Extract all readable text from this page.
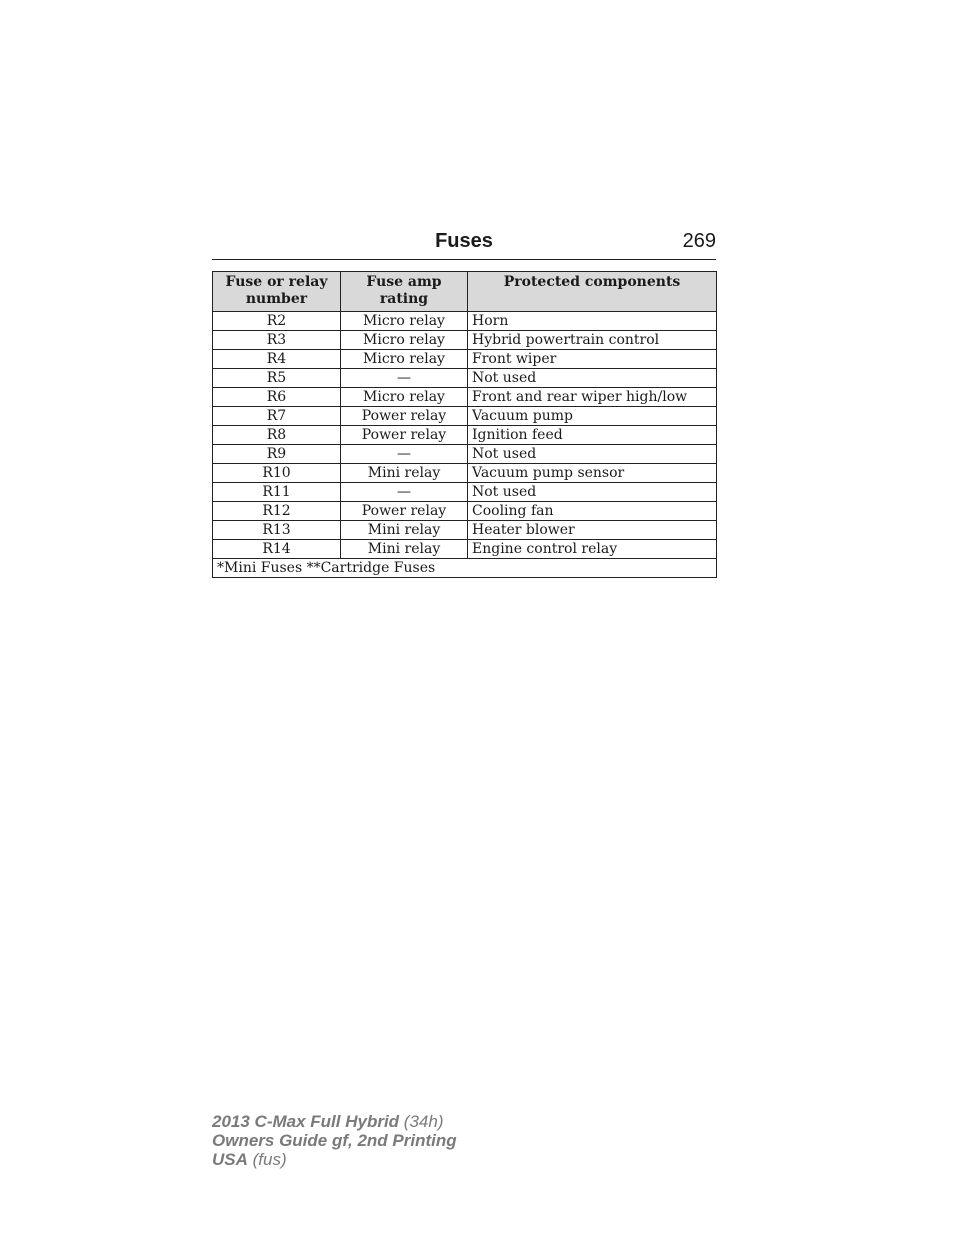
Fuses	269
Fuse or relay number	Fuse amp rating	Protected components
R2	Micro relay	Horn
R3	Micro relay	Hybrid powertrain control
R4	Micro relay	Front wiper
R5	—	Not used
R6	Micro relay	Front and rear wiper high/low
R7	Power relay	Vacuum pump
R8	Power relay	Ignition feed
R9	—	Not used
R10	Mini relay	Vacuum pump sensor
R11	—	Not used
R12	Power relay	Cooling fan
R13	Mini relay	Heater blower
R14	Mini relay	Engine control relay
*Mini Fuses **Cartridge Fuses		
2013 C-Max Full Hybrid (34h)
Owners Guide gf, 2nd Printing
USA (fus)
